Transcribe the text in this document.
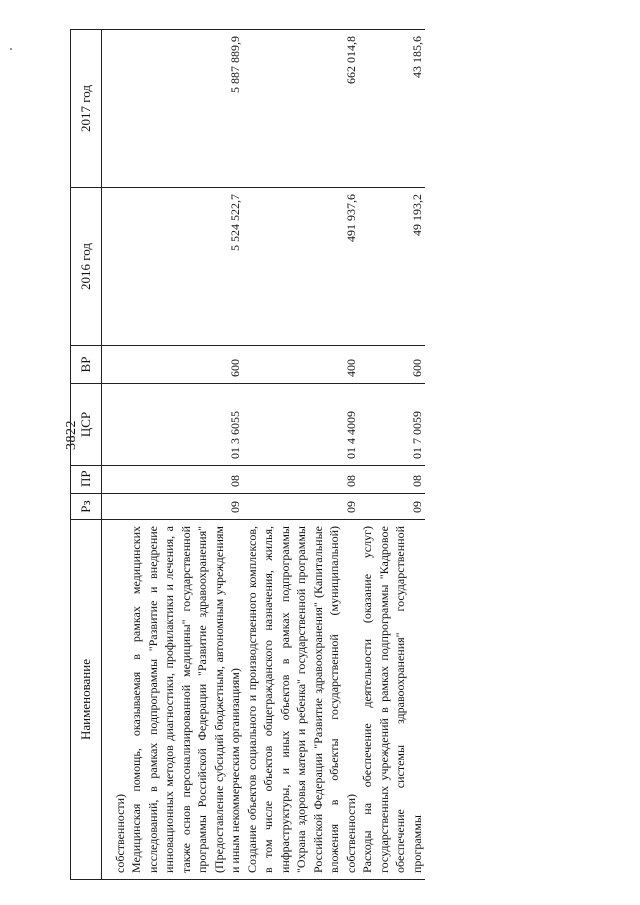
3822
Наименование	Рз	ПР	ЦСР	ВР	2016 год	2017 год
собственности)						
Медицинская помощь, оказываемая в рамках медицинских исследований, в рамках подпрограммы "Развитие и внедрение инновационных методов диагностики, профилактики и лечения, а также основ персонализированной медицины" государственной программы Российской Федерации "Развитие здравоохранения" (Предоставление субсидий бюджетным, автономным учреждениям и иным некоммерческим организациям)	09	08	01 3 6055	600	5 524 522,7	5 887 889,9
Создание объектов социального и производственного комплексов, в том числе объектов общегражданского назначения, жилья, инфраструктуры, и иных объектов в рамках подпрограммы "Охрана здоровья матери и ребенка" государственной программы Российской Федерации "Развитие здравоохранения" (Капитальные вложения в объекты государственной (муниципальной) собственности)	09	08	01 4 4009	400	491 937,6	662 014,8
Расходы на обеспечение деятельности (оказание услуг) государственных учреждений в рамках подпрограммы "Кадровое обеспечение системы здравоохранения" государственной программы	09	08	01 7 0059	600	49 193,2	43 185,6
